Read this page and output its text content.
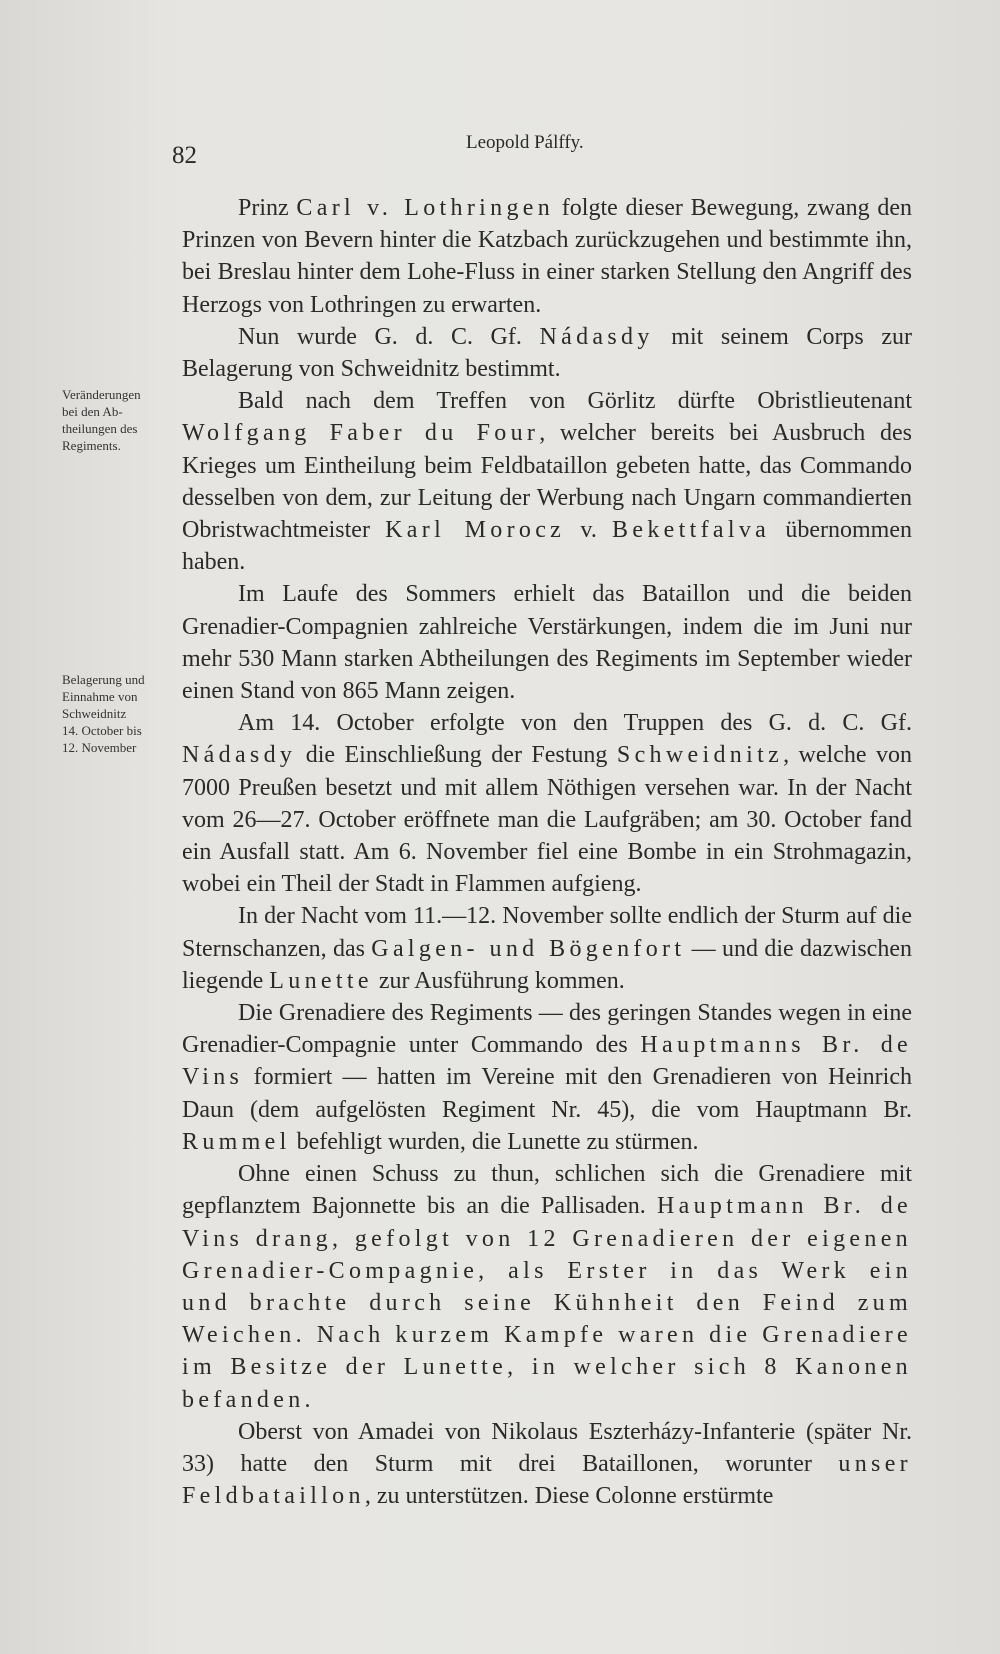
82	Leopold Pálffy.
Veränderungen
bei den Ab-
theilungen des
Regiments.
Belagerung und
Einnahme von
Schweidnitz
14. October bis
12. November

Prinz Carl v. Lothringen folgte dieser Bewegung, zwang den Prinzen von Bevern hinter die Katzbach zurückzugehen und bestimmte ihn, bei Breslau hinter dem Lohe-Fluss in einer starken Stellung den Angriff des Herzogs von Lothringen zu erwarten.

Nun wurde G. d. C. Gf. Nádasdy mit seinem Corps zur Belagerung von Schweidnitz bestimmt.

Bald nach dem Treffen von Görlitz dürfte Obristlieutenant Wolfgang Faber du Four, welcher bereits bei Ausbruch des Krieges um Eintheilung beim Feldbataillon gebeten hatte, das Commando desselben von dem, zur Leitung der Werbung nach Ungarn commandierten Obristwachtmeister Karl Morocz v. Bekettfalva übernommen haben.

Im Laufe des Sommers erhielt das Bataillon und die beiden Grenadier-Compagnien zahlreiche Verstärkungen, indem die im Juni nur mehr 530 Mann starken Abtheilungen des Regiments im September wieder einen Stand von 865 Mann zeigen.

Am 14. October erfolgte von den Truppen des G. d. C. Gf. Nádasdy die Einschließung der Festung Schweidnitz, welche von 7000 Preußen besetzt und mit allem Nöthigen versehen war. In der Nacht vom 26—27. October eröffnete man die Laufgräben; am 30. October fand ein Ausfall statt. Am 6. November fiel eine Bombe in ein Strohmagazin, wobei ein Theil der Stadt in Flammen aufgieng.

In der Nacht vom 11.—12. November sollte endlich der Sturm auf die Sternschanzen, das Galgen- und Bögenfort — und die dazwischen liegende Lunette zur Ausführung kommen.

Die Grenadiere des Regiments — des geringen Standes wegen in eine Grenadier-Compagnie unter Commando des Hauptmanns Br. de Vins formiert — hatten im Vereine mit den Grenadieren von Heinrich Daun (dem aufgelösten Regiment Nr. 45), die vom Hauptmann Br. Rummel befehligt wurden, die Lunette zu stürmen.

Ohne einen Schuss zu thun, schlichen sich die Grenadiere mit gepflanztem Bajonnette bis an die Pallisaden. Hauptmann Br. de Vins drang, gefolgt von 12 Grenadieren der eigenen Grenadier-Compagnie, als Erster in das Werk ein und brachte durch seine Kühnheit den Feind zum Weichen. Nach kurzem Kampfe waren die Grenadiere im Besitze der Lunette, in welcher sich 8 Kanonen befanden.

Oberst von Amadei von Nikolaus Eszterházy-Infanterie (später Nr. 33) hatte den Sturm mit drei Bataillonen, worunter unser Feldbataillon, zu unterstützen. Diese Colonne erstürmte
